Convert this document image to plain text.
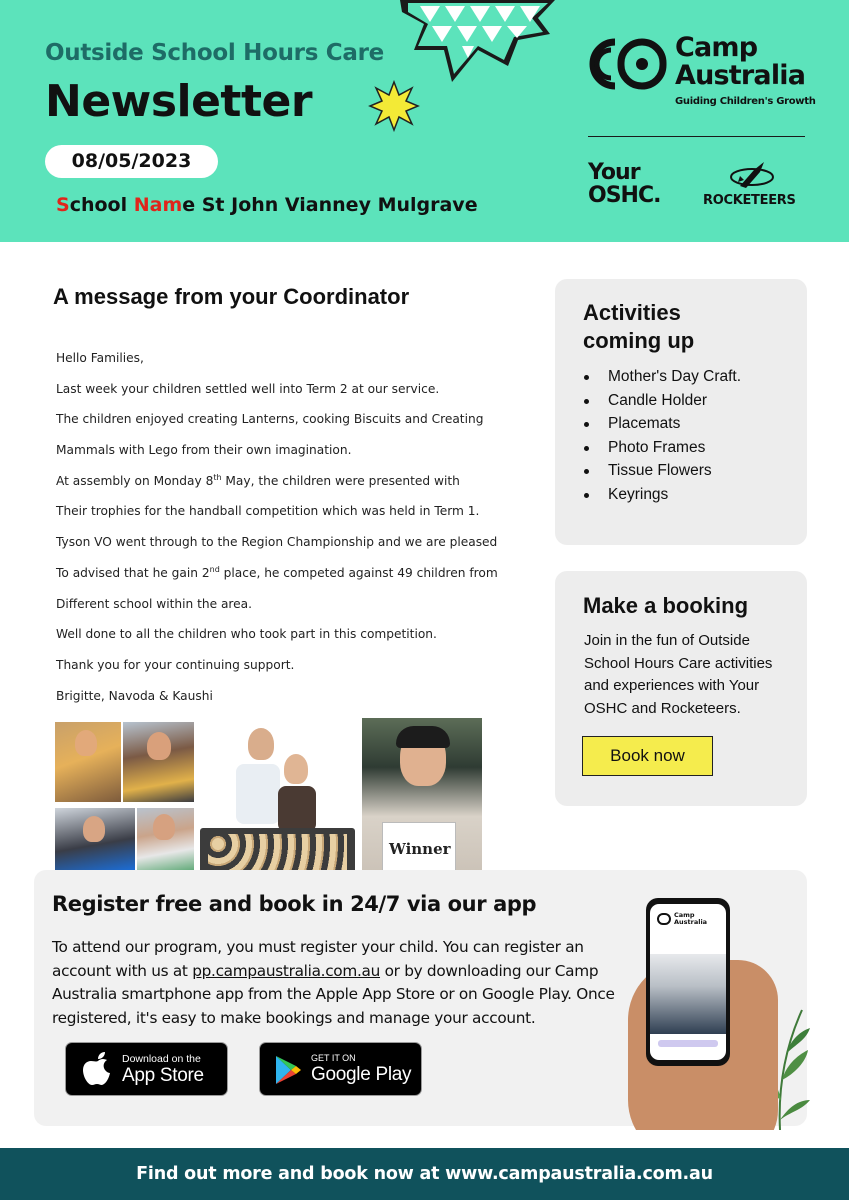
Outside School Hours Care
Newsletter
08/05/2023
School Name St John Vianney Mulgrave
Camp
Australia
Guiding Children's Growth
Your
OSHC.	ROCKETEERS
A message from your Coordinator

Hello Families,

Last week your children settled well into Term 2 at our service.

The children enjoyed creating Lanterns, cooking Biscuits and Creating

Mammals with Lego from their own imagination.

At assembly on Monday 8th May, the children were presented with

Their trophies for the handball competition which was held in Term 1.

Tyson VO went through to the Region Championship and we are pleased

To advised that he gain 2nd place, he competed against 49 children from

Different school within the area.

Well done to all the children who took part in this competition.

Thank you for your continuing support.

Brigitte, Navoda & Kaushi

Winner
Activities
coming up
Mother's Day Craft.
Candle Holder
Placemats
Photo Frames
Tissue Flowers
Keyrings
Make a booking
Join in the fun of Outside School Hours Care activities and experiences with Your OSHC and Rocketeers.
Book now
Register free and book in 24/7 via our app
To attend our program, you must register your child. You can register an account with us at pp.campaustralia.com.au or by downloading our Camp Australia smartphone app from the Apple App Store or on Google Play. Once registered, it's easy to make bookings and manage your account.
Download on the
App Store
GET IT ON
Google Play
Camp
Australia
Find out more and book now at www.campaustralia.com.au
